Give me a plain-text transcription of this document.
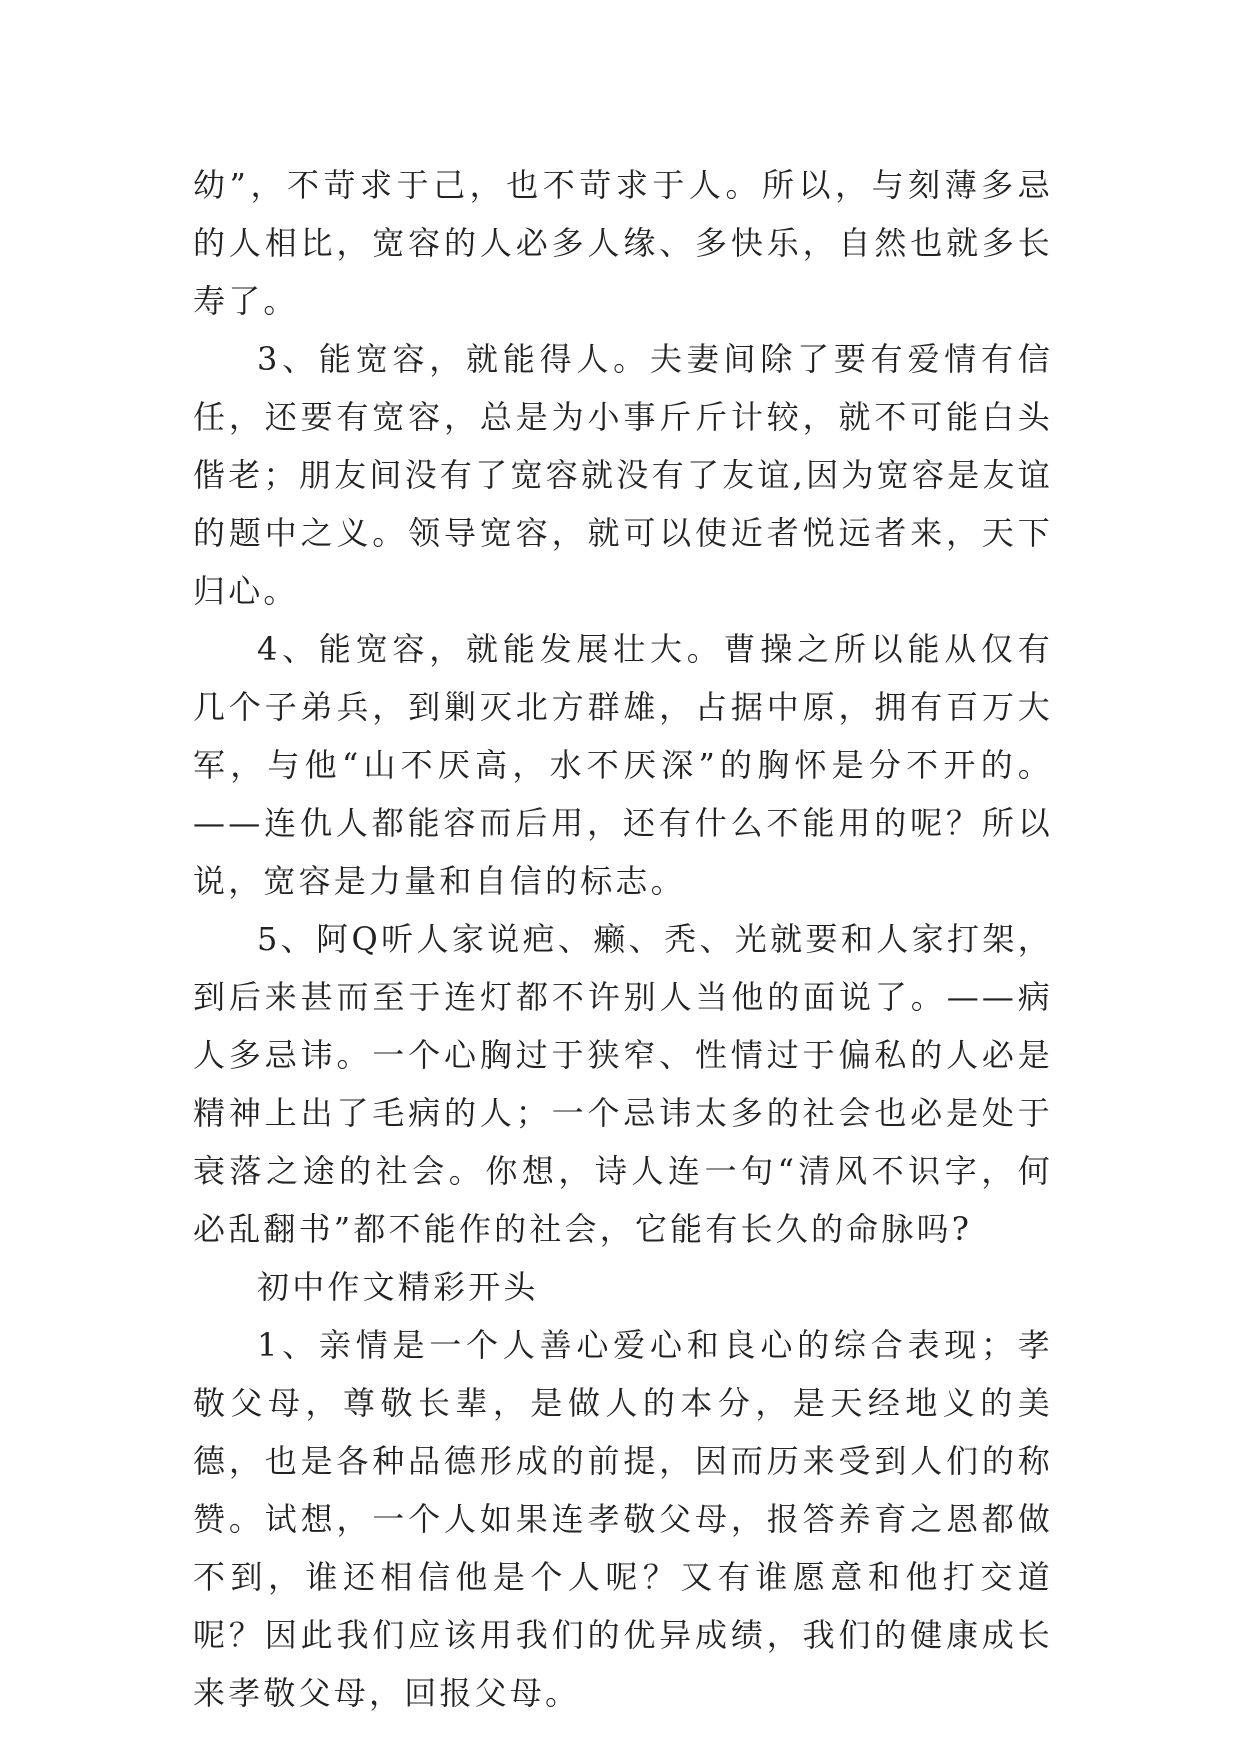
幼”，不苛求于己，也不苛求于人。所以，与刻薄多忌的人相比，宽容的人必多人缘、多快乐，自然也就多长寿了。

3、能宽容，就能得人。夫妻间除了要有爱情有信任，还要有宽容，总是为小事斤斤计较，就不可能白头偕老；朋友间没有了宽容就没有了友谊,因为宽容是友谊的题中之义。领导宽容，就可以使近者悦远者来，天下归心。

4、能宽容，就能发展壮大。曹操之所以能从仅有几个子弟兵，到剿灭北方群雄，占据中原，拥有百万大军，与他“山不厌高，水不厌深”的胸怀是分不开的。——连仇人都能容而后用，还有什么不能用的呢？所以说，宽容是力量和自信的标志。

5、阿Q听人家说疤、癞、秃、光就要和人家打架，到后来甚而至于连灯都不许别人当他的面说了。——病人多忌讳。一个心胸过于狭窄、性情过于偏私的人必是精神上出了毛病的人；一个忌讳太多的社会也必是处于衰落之途的社会。你想，诗人连一句“清风不识字，何必乱翻书”都不能作的社会，它能有长久的命脉吗?

初中作文精彩开头

1、亲情是一个人善心爱心和良心的综合表现；孝敬父母，尊敬长辈，是做人的本分，是天经地义的美德，也是各种品德形成的前提，因而历来受到人们的称赞。试想，一个人如果连孝敬父母，报答养育之恩都做不到，谁还相信他是个人呢？又有谁愿意和他打交道呢？因此我们应该用我们的优异成绩，我们的健康成长来孝敬父母，回报父母。
